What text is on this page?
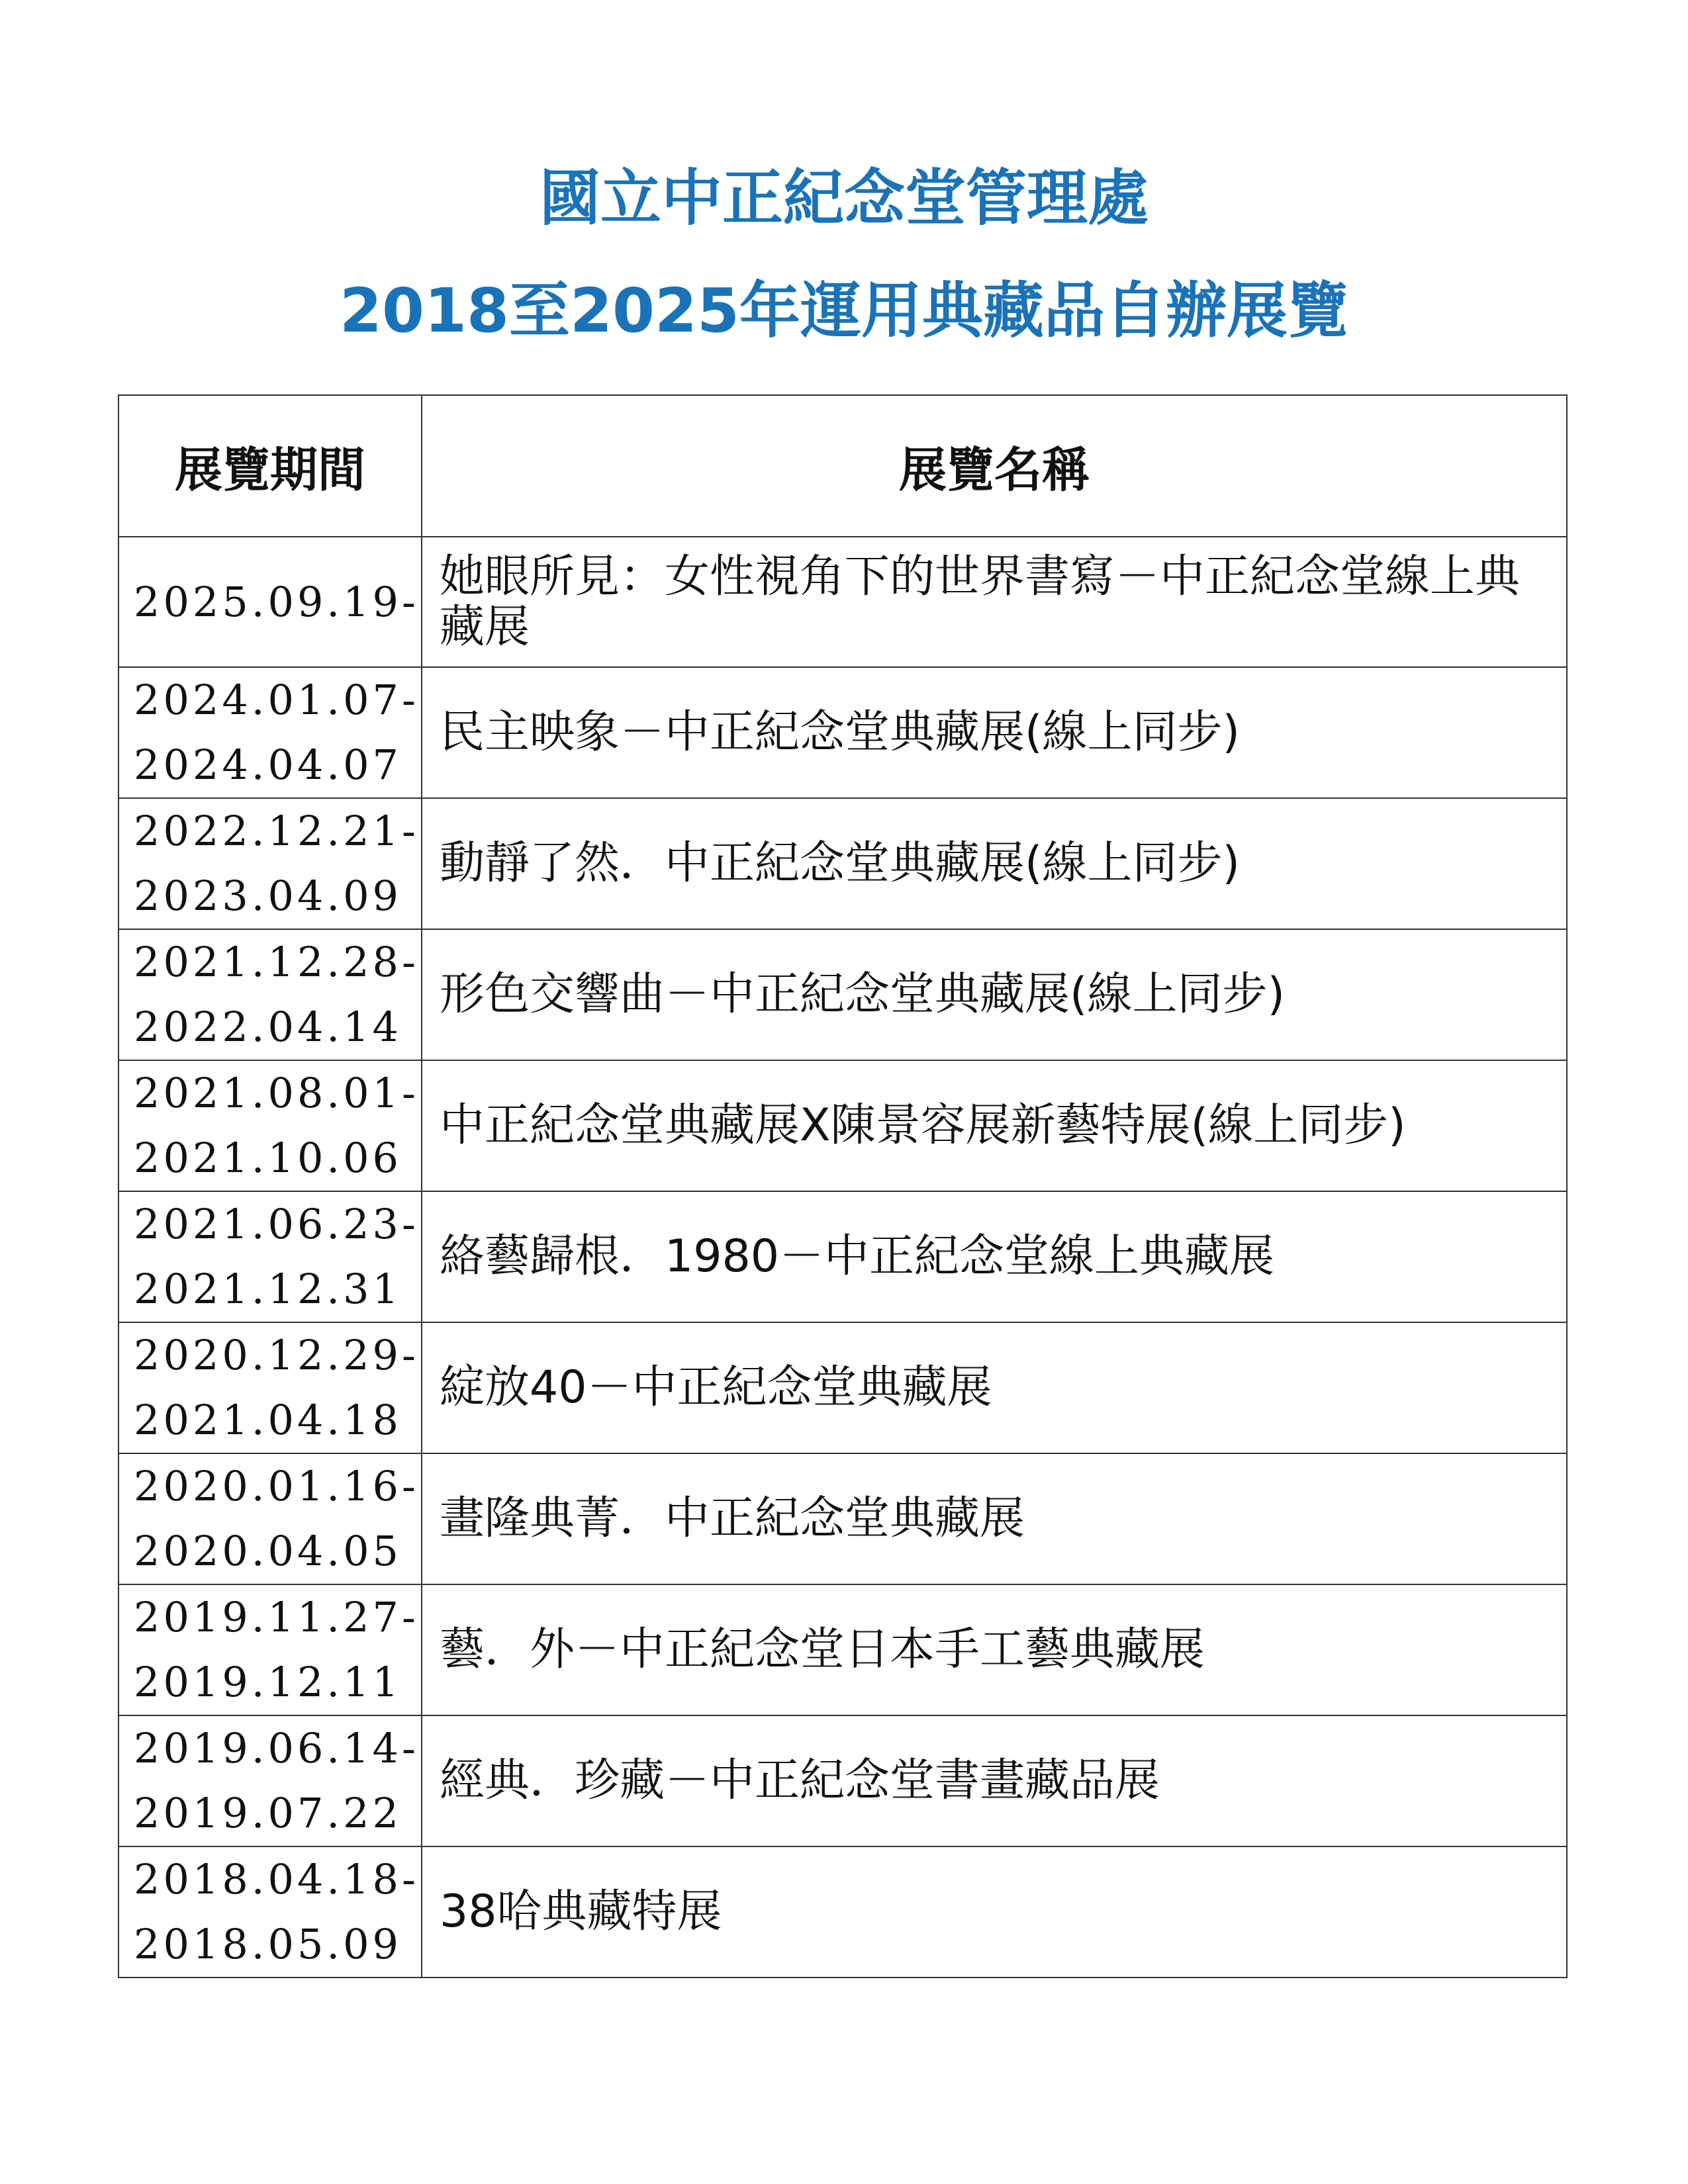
國立中正紀念堂管理處
2018至2025年運用典藏品自辦展覽
展覽期間	展覽名稱

2025.09.19-	她眼所見：女性視角下的世界書寫－中正紀念堂線上典藏展

2024.01.07-
2024.04.07	民主映象－中正紀念堂典藏展(線上同步)

2022.12.21-
2023.04.09	動靜了然．中正紀念堂典藏展(線上同步)

2021.12.28-
2022.04.14	形色交響曲－中正紀念堂典藏展(線上同步)

2021.08.01-
2021.10.06	中正紀念堂典藏展X陳景容展新藝特展(線上同步)

2021.06.23-
2021.12.31	絡藝歸根．1980－中正紀念堂線上典藏展

2020.12.29-
2021.04.18	綻放40－中正紀念堂典藏展

2020.01.16-
2020.04.05	畫隆典菁．中正紀念堂典藏展

2019.11.27-
2019.12.11	藝．外－中正紀念堂日本手工藝典藏展

2019.06.14-
2019.07.22	經典．珍藏－中正紀念堂書畫藏品展

2018.04.18-
2018.05.09	38哈典藏特展
